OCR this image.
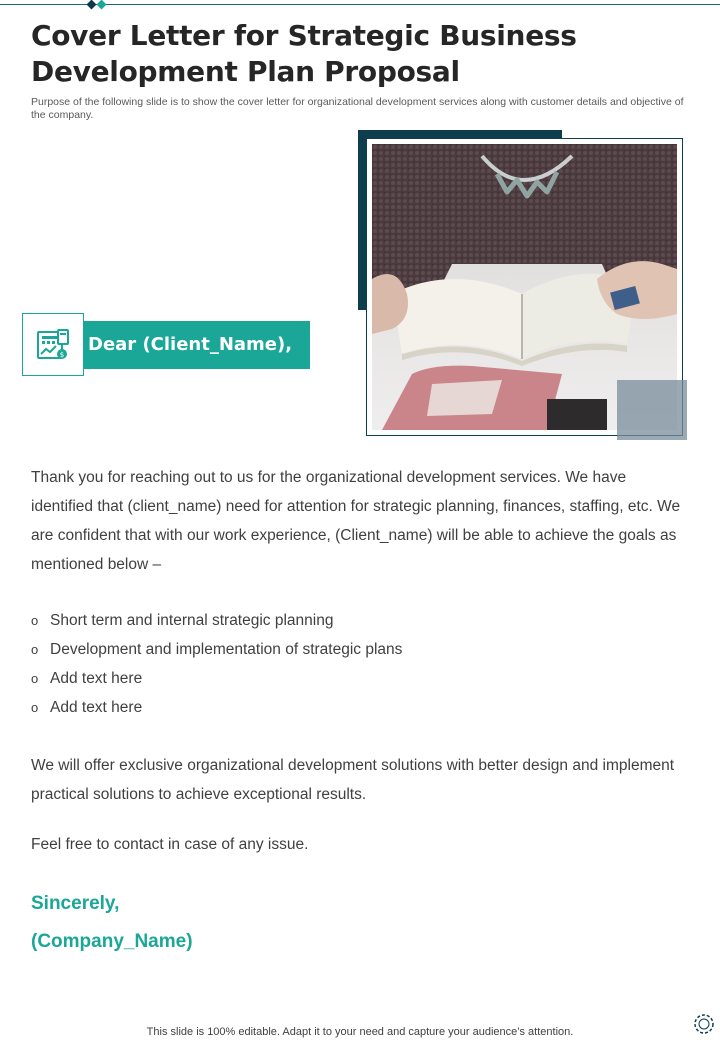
Cover Letter for Strategic Business Development Plan Proposal

Purpose of the following slide is to show the cover letter for organizational development services along with customer details and objective of the company.

$ Dear (Client_Name),

Thank you for reaching out to us for the organizational development services. We have identified that (client_name) need for attention for strategic planning, finances, staffing, etc. We are confident that with our work experience, (Client_name) will be able to achieve the goals as mentioned below –

o Short term and internal strategic planning
o Development and implementation of strategic plans
o Add text here
o Add text here

We will offer exclusive organizational development solutions with better design and implement practical solutions to achieve exceptional results.

Feel free to contact in case of any issue.

Sincerely,
(Company_Name)
This slide is 100% editable. Adapt it to your need and capture your audience’s attention.
